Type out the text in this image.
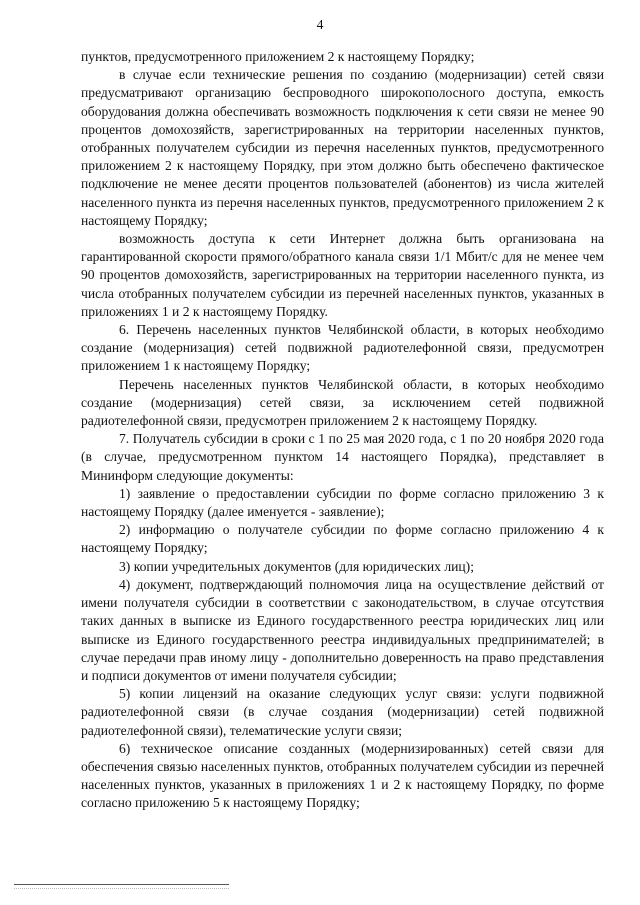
4

пунктов, предусмотренного приложением 2 к настоящему Порядку;

в случае если технические решения по созданию (модернизации) сетей связи предусматривают организацию беспроводного широкополосного доступа, емкость оборудования должна обеспечивать возможность подключения к сети связи не менее 90 процентов домохозяйств, зарегистрированных на территории населенных пунктов, отобранных получателем субсидии из перечня населенных пунктов, предусмотренного приложением 2 к настоящему Порядку, при этом должно быть обеспечено фактическое подключение не менее десяти процентов пользователей (абонентов) из числа жителей населенного пункта из перечня населенных пунктов, предусмотренного приложением 2 к настоящему Порядку;

возможность доступа к сети Интернет должна быть организована на гарантированной скорости прямого/обратного канала связи 1/1 Мбит/с для не менее чем 90 процентов домохозяйств, зарегистрированных на территории населенного пункта, из числа отобранных получателем субсидии из перечней населенных пунктов, указанных в приложениях 1 и 2 к настоящему Порядку.

6. Перечень населенных пунктов Челябинской области, в которых необходимо создание (модернизация) сетей подвижной радиотелефонной связи, предусмотрен приложением 1 к настоящему Порядку;

Перечень населенных пунктов Челябинской области, в которых необходимо создание (модернизация) сетей связи, за исключением сетей подвижной радиотелефонной связи, предусмотрен приложением 2 к настоящему Порядку.

7. Получатель субсидии в сроки с 1 по 25 мая 2020 года, с 1 по 20 ноября 2020 года (в случае, предусмотренном пунктом 14 настоящего Порядка), представляет в Мининформ следующие документы:

1) заявление о предоставлении субсидии по форме согласно приложению 3 к настоящему Порядку (далее именуется - заявление);

2) информацию о получателе субсидии по форме согласно приложению 4 к настоящему Порядку;

3) копии учредительных документов (для юридических лиц);

4) документ, подтверждающий полномочия лица на осуществление действий от имени получателя субсидии в соответствии с законодательством, в случае отсутствия таких данных в выписке из Единого государственного реестра юридических лиц или выписке из Единого государственного реестра индивидуальных предпринимателей; в случае передачи прав иному лицу - дополнительно доверенность на право представления и подписи документов от имени получателя субсидии;

5) копии лицензий на оказание следующих услуг связи: услуги подвижной радиотелефонной связи (в случае создания (модернизации) сетей подвижной радиотелефонной связи), телематические услуги связи;

6) техническое описание созданных (модернизированных) сетей связи для обеспечения связью населенных пунктов, отобранных получателем субсидии из перечней населенных пунктов, указанных в приложениях 1 и 2 к настоящему Порядку, по форме согласно приложению 5 к настоящему Порядку;
